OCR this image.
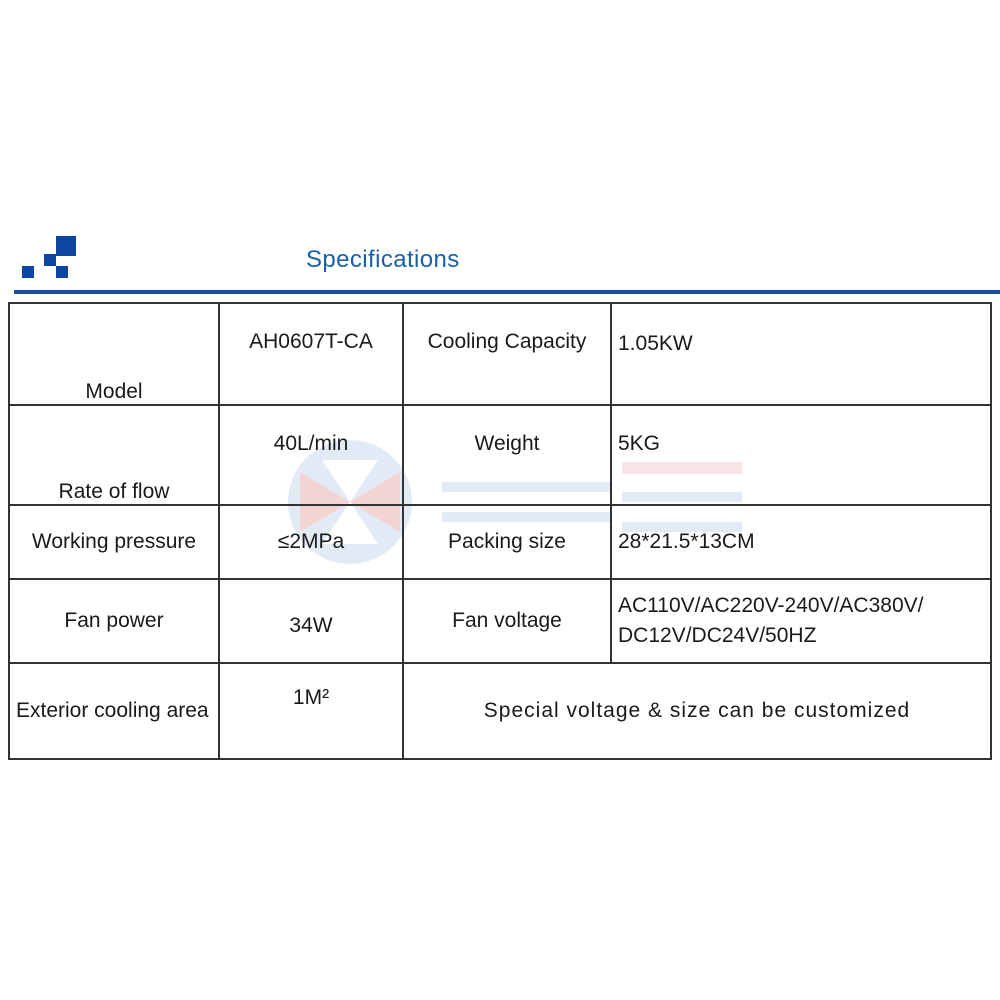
Specifications
Model	AH0607T-CA	Cooling Capacity	1.05KW
Rate of flow	40L/min	Weight	5KG
Working pressure	≤2MPa	Packing size	28*21.5*13CM
Fan power	34W	Fan voltage	AC110V/AC220V-240V/AC380V/
DC12V/DC24V/50HZ

Exterior cooling area	1M²	Special voltage & size can be customized	
